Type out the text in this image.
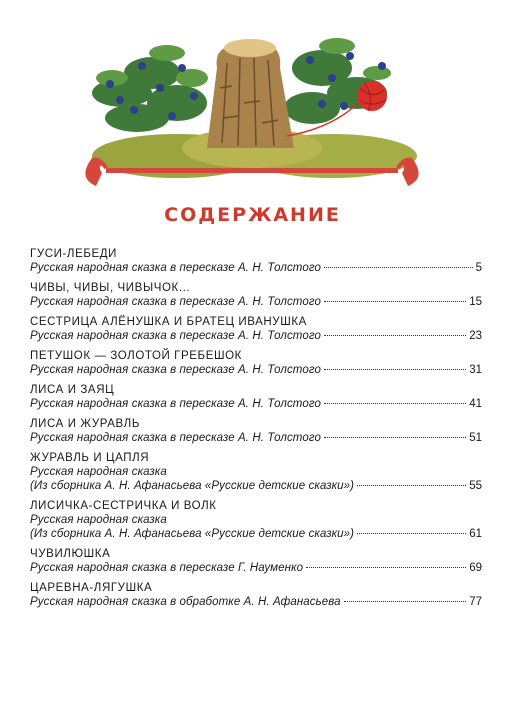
СОДЕРЖАНИЕ
ГУСИ-ЛЕБЕДИ
Русская народная сказка в пересказе А. Н. Толстого	5
ЧИВЫ, ЧИВЫ, ЧИВЫЧОК...
Русская народная сказка в пересказе А. Н. Толстого	15
СЕСТРИЦА АЛЁНУШКА И БРАТЕЦ ИВАНУШКА
Русская народная сказка в пересказе А. Н. Толстого	23
ПЕТУШОК — ЗОЛОТОЙ ГРЕБЕШОК
Русская народная сказка в пересказе А. Н. Толстого	31
ЛИСА И ЗАЯЦ
Русская народная сказка в пересказе А. Н. Толстого	41
ЛИСА И ЖУРАВЛЬ
Русская народная сказка в пересказе А. Н. Толстого	51
ЖУРАВЛЬ И ЦАПЛЯ
Русская народная сказка
(Из сборника А. Н. Афанасьева «Русские детские сказки»)	55
ЛИСИЧКА-СЕСТРИЧКА И ВОЛК
Русская народная сказка
(Из сборника А. Н. Афанасьева «Русские детские сказки»)	61
ЧУВИЛЮШКА
Русская народная сказка в пересказе Г. Науменко	69
ЦАРЕВНА-ЛЯГУШКА
Русская народная сказка в обработке А. Н. Афанасьева	77
